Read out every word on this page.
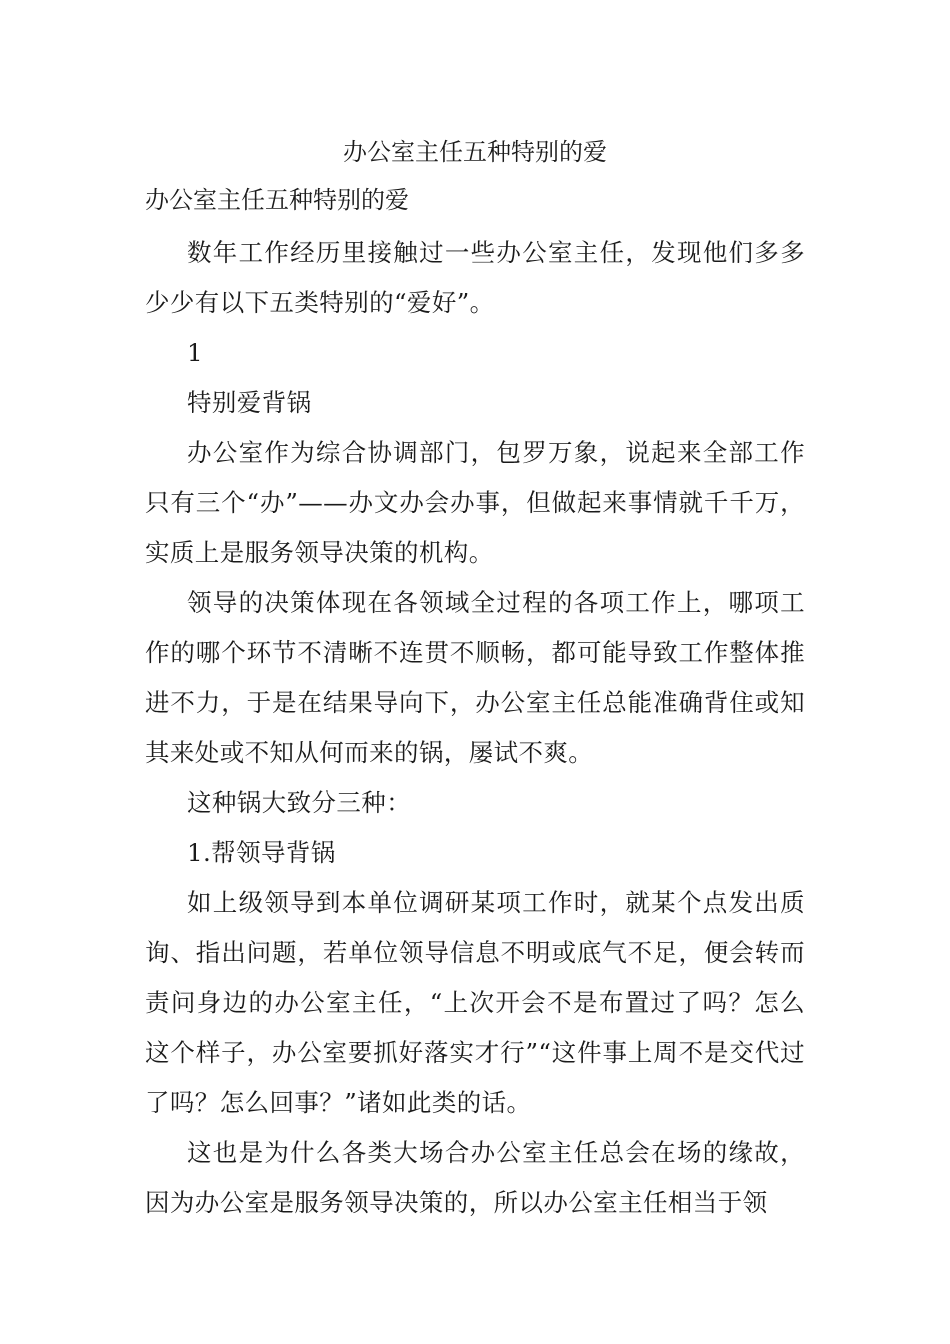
办公室主任五种特别的爱

办公室主任五种特别的爱

数年工作经历里接触过一些办公室主任，发现他们多多少少有以下五类特别的“爱好”。

1

特别爱背锅

办公室作为综合协调部门，包罗万象，说起来全部工作只有三个“办”——办文办会办事，但做起来事情就千千万，实质上是服务领导决策的机构。

领导的决策体现在各领域全过程的各项工作上，哪项工作的哪个环节不清晰不连贯不顺畅，都可能导致工作整体推进不力，于是在结果导向下，办公室主任总能准确背住或知其来处或不知从何而来的锅，屡试不爽。

这种锅大致分三种：

1.帮领导背锅

如上级领导到本单位调研某项工作时，就某个点发出质询、指出问题，若单位领导信息不明或底气不足，便会转而责问身边的办公室主任，“上次开会不是布置过了吗？怎么这个样子，办公室要抓好落实才行”“这件事上周不是交代过了吗？怎么回事？”诸如此类的话。

这也是为什么各类大场合办公室主任总会在场的缘故，因为办公室是服务领导决策的，所以办公室主任相当于领
